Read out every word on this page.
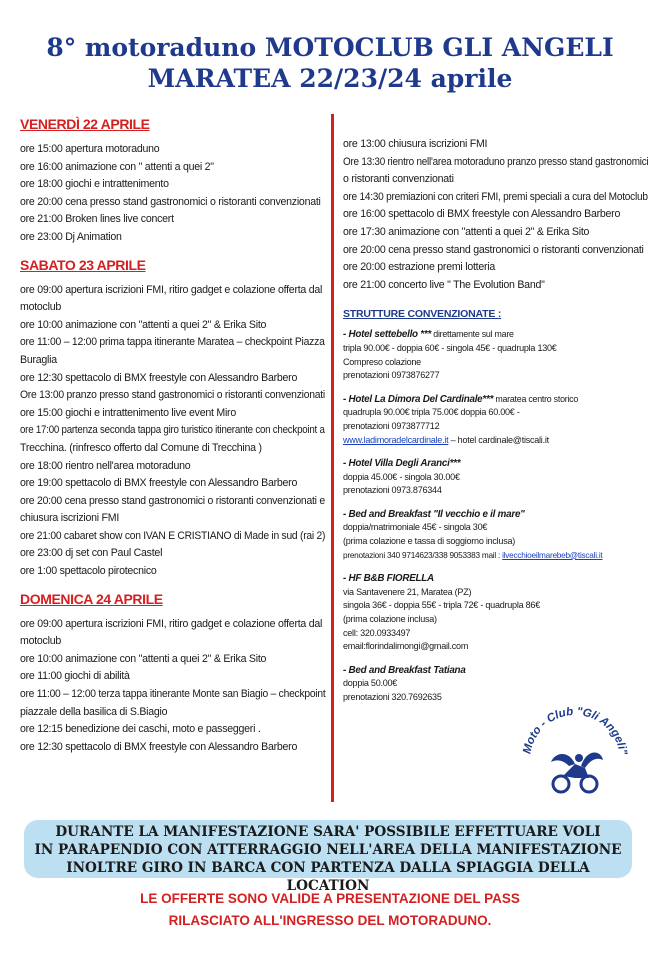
8° motoraduno MOTOCLUB GLI ANGELI
MARATEA 22/23/24 aprile
VENERDÌ 22 APRILE
ore 15:00 apertura motoraduno
ore 16:00 animazione con " attenti a quei 2"
ore 18:00 giochi e intrattenimento
ore 20:00 cena presso stand gastronomici o ristoranti convenzionati
ore 21:00 Broken lines live concert
ore 23:00 Dj Animation
SABATO 23 APRILE
ore 09:00 apertura iscrizioni FMI, ritiro gadget e colazione offerta dal
motoclub
ore 10:00 animazione con "attenti a quei 2" & Erika Sito
ore 11:00 – 12:00 prima tappa itinerante Maratea – checkpoint Piazza
Buraglia
ore 12:30 spettacolo di BMX freestyle con Alessandro Barbero
Ore 13:00 pranzo presso stand gastronomici o ristoranti convenzionati
ore 15:00 giochi e intrattenimento live event Miro
ore 17:00 partenza seconda tappa giro turistico itinerante con checkpoint a
Trecchina. (rinfresco offerto dal Comune di Trecchina )
ore 18:00 rientro nell'area motoraduno
ore 19:00 spettacolo di BMX freestyle con Alessandro Barbero
ore 20:00 cena presso stand gastronomici o ristoranti convenzionati e
chiusura iscrizioni FMI
ore 21:00 cabaret show con IVAN E CRISTIANO di Made in sud (rai 2)
ore 23:00 dj set con Paul Castel
ore 1:00 spettacolo pirotecnico
DOMENICA 24 APRILE
ore 09:00 apertura iscrizioni FMI, ritiro gadget e colazione offerta dal
motoclub
ore 10:00 animazione con "attenti a quei 2" & Erika Sito
ore 11:00 giochi di abilità
ore 11:00 – 12:00 terza tappa itinerante Monte san Biagio – checkpoint
piazzale della basilica di S.Biagio
ore 12:15 benedizione dei caschi, moto e passeggeri .
ore 12:30 spettacolo di BMX freestyle con Alessandro Barbero
ore 13:00 chiusura iscrizioni FMI
Ore 13:30 rientro nell'area motoraduno pranzo presso stand gastronomici
o ristoranti convenzionati
ore 14:30 premiazioni con criteri FMI, premi speciali a cura del Motoclub
ore 16:00 spettacolo di BMX freestyle con Alessandro Barbero
ore 17:30 animazione con "attenti a quei 2" & Erika Sito
ore 20:00 cena presso stand gastronomici o ristoranti convenzionati
ore 20:00 estrazione premi lotteria
ore 21:00 concerto live " The Evolution Band"
STRUTTURE CONVENZIONATE :
- Hotel settebello *** direttamente sul mare
tripla 90.00€ - doppia 60€ - singola 45€ - quadrupla 130€
Compreso colazione
prenotazioni 0973876277
- Hotel La Dimora Del Cardinale*** maratea centro storico
quadrupla 90.00€ tripla 75.00€ doppia 60.00€ -
prenotazioni 0973877712
www.ladimoradelcardinale.it – hotel cardinale@tiscali.it
- Hotel Villa Degli Aranci***
doppia 45.00€ - singola 30.00€
prenotazioni 0973.876344
- Bed and Breakfast "Il vecchio e il mare"
doppia/matrimoniale 45€ - singola 30€
(prima colazione e tassa di soggiorno inclusa)
prenotazioni 340 9714623/338 9053383 mail : ilvecchioeilmarebeb@tiscali.it
- HF B&B FIORELLA
via Santavenere 21, Maratea (PZ)
singola 36€ - doppia 55€ - tripla 72€ - quadrupla 86€
(prima colazione inclusa)
cell: 320.0933497
email:florindalimongi@gmail.com
- Bed and Breakfast Tatiana
doppia 50.00€
prenotazioni 320.7692635
Moto - Club "Gli Angeli"
DURANTE LA MANIFESTAZIONE SARA' POSSIBILE EFFETTUARE VOLI
IN PARAPENDIO CON ATTERRAGGIO NELL'AREA DELLA MANIFESTAZIONE
INOLTRE GIRO IN BARCA CON PARTENZA DALLA SPIAGGIA DELLA LOCATION
LE OFFERTE SONO VALIDE A PRESENTAZIONE DEL PASS
RILASCIATO ALL'INGRESSO DEL MOTORADUNO.
